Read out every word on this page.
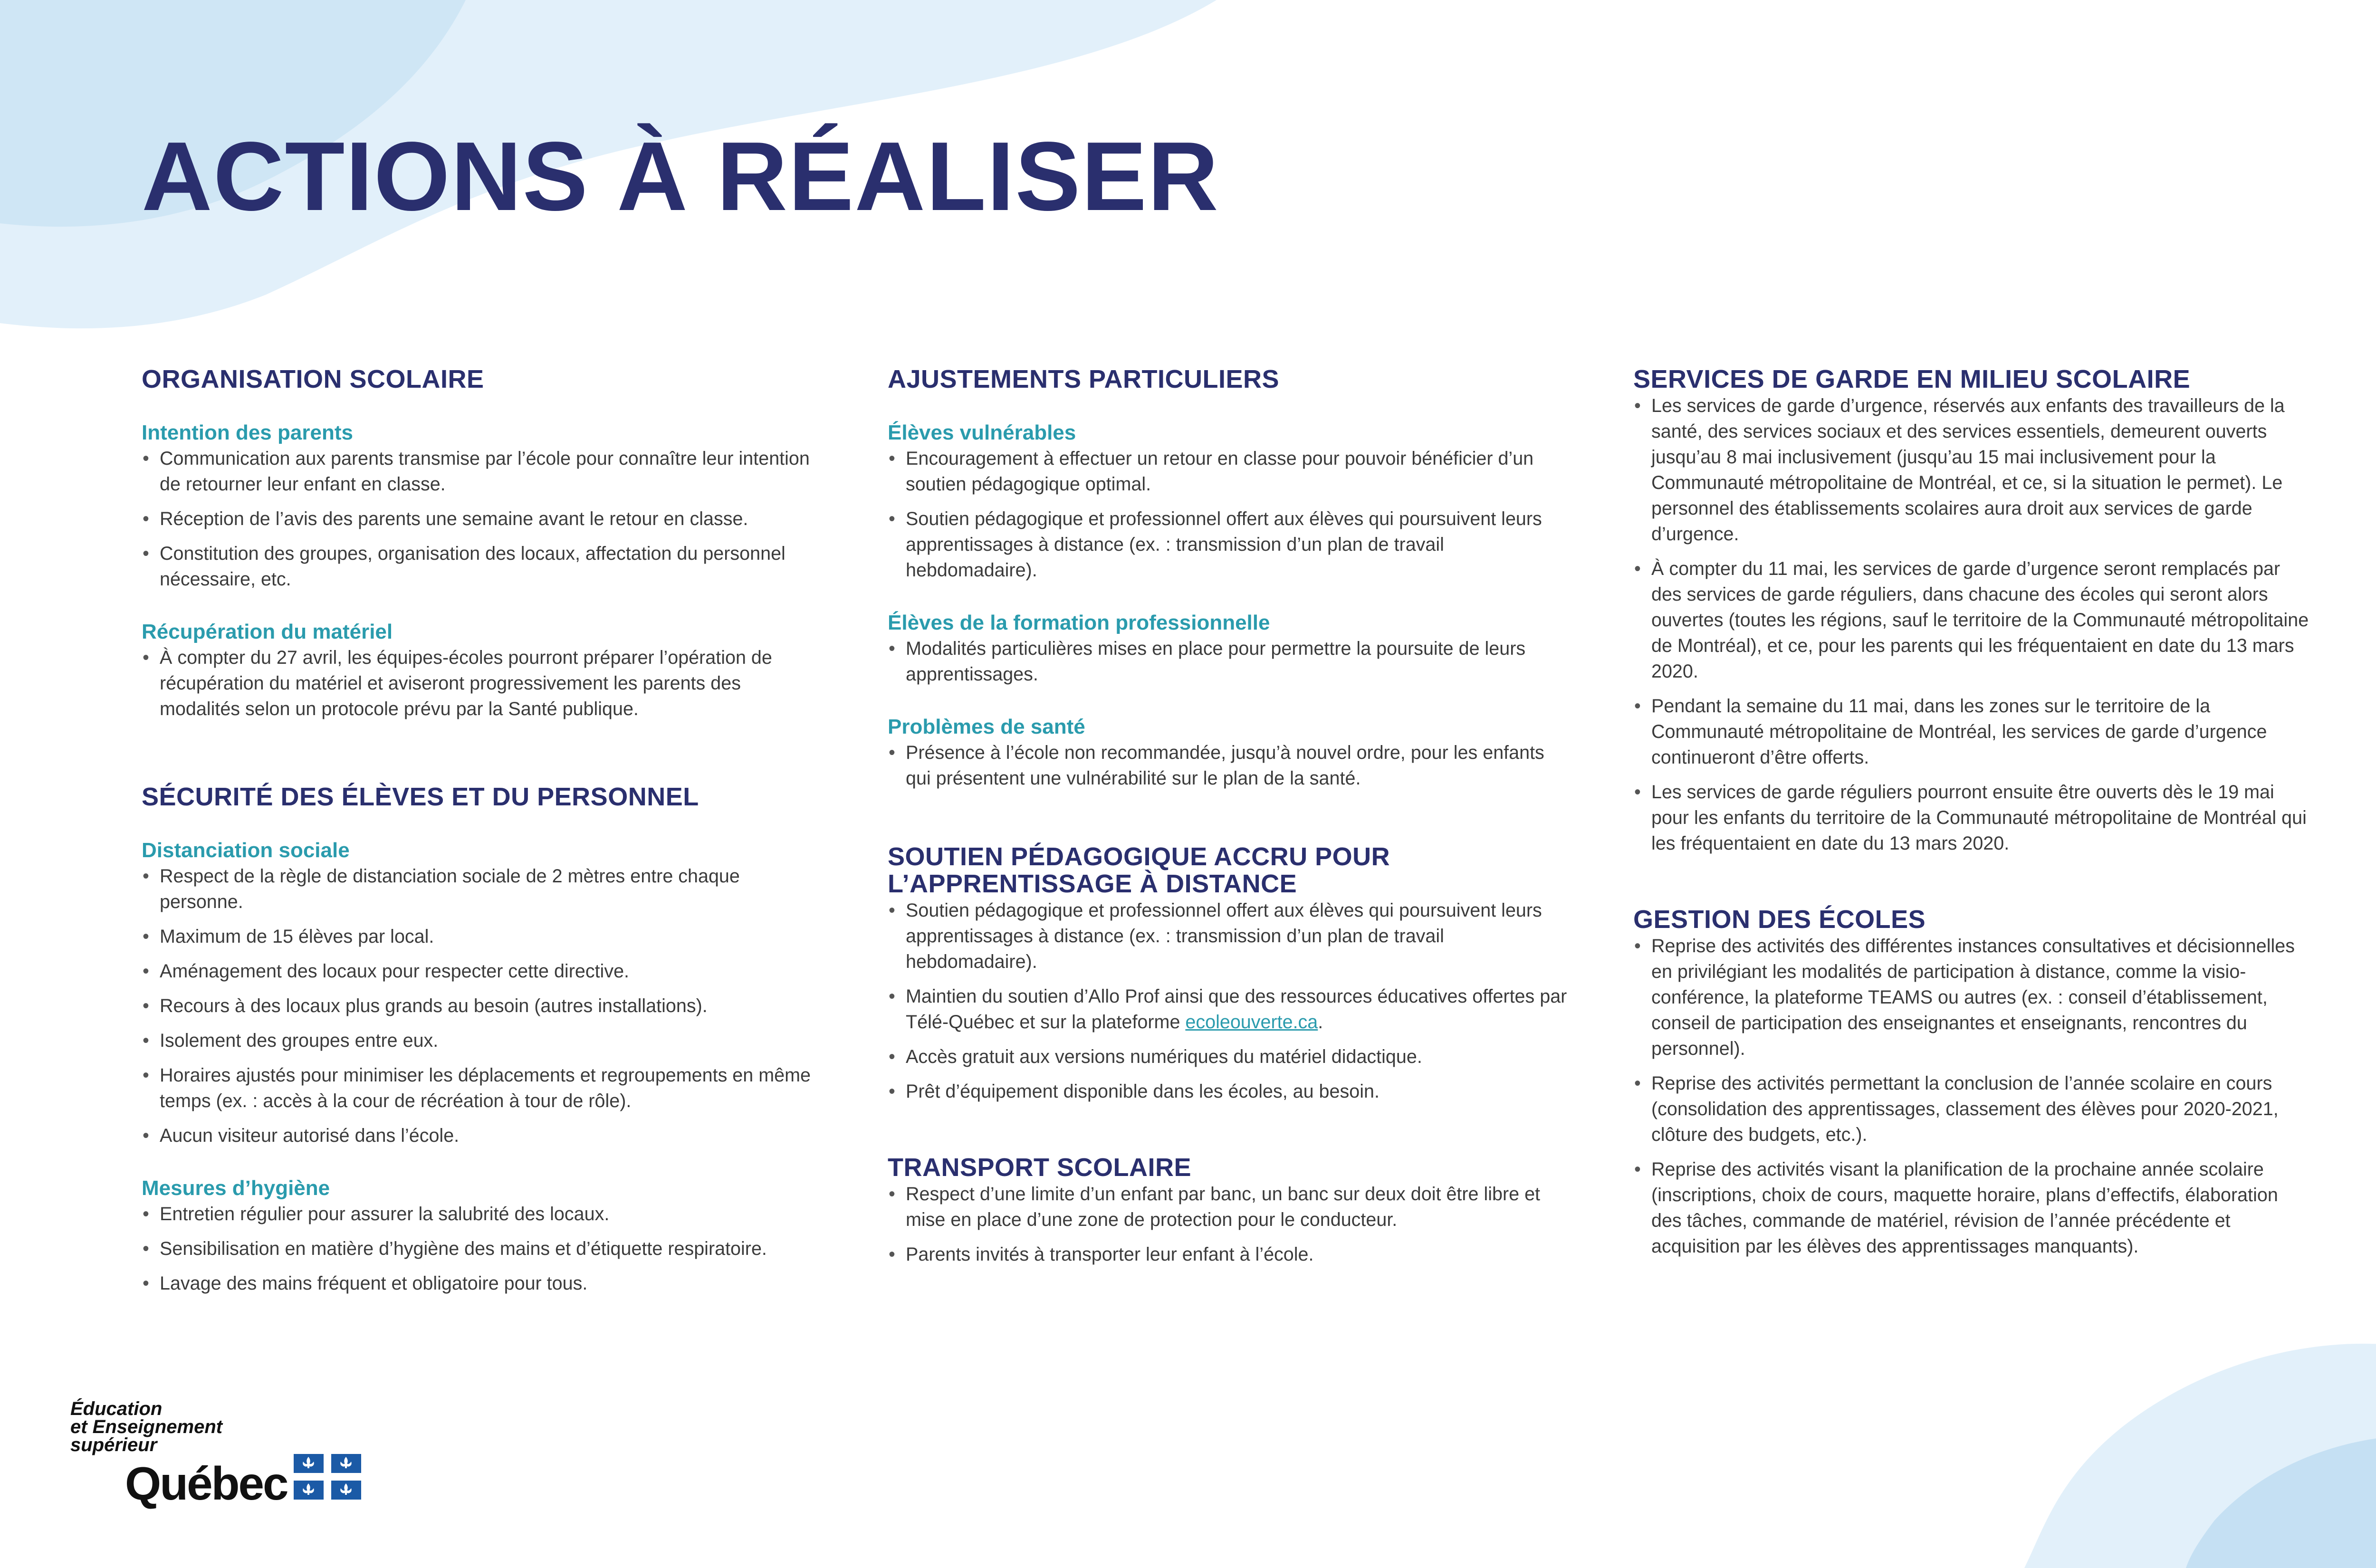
ACTIONS À RÉALISER
ORGANISATION SCOLAIRE
Intention des parents
• Communication aux parents transmise par l’école pour connaître leur intention de retourner leur enfant en classe.
• Réception de l’avis des parents une semaine avant le retour en classe.
• Constitution des groupes, organisation des locaux, affectation du personnel nécessaire, etc.
Récupération du matériel
• À compter du 27 avril, les équipes-écoles pourront préparer l’opération de récupération du matériel et aviseront progressivement les parents des modalités selon un protocole prévu par la Santé publique.
SÉCURITÉ DES ÉLÈVES ET DU PERSONNEL
Distanciation sociale
• Respect de la règle de distanciation sociale de 2 mètres entre chaque personne.
• Maximum de 15 élèves par local.
• Aménagement des locaux pour respecter cette directive.
• Recours à des locaux plus grands au besoin (autres installations).
• Isolement des groupes entre eux.
• Horaires ajustés pour minimiser les déplacements et regroupements en même temps (ex. : accès à la cour de récréation à tour de rôle).
• Aucun visiteur autorisé dans l’école.
Mesures d’hygiène
• Entretien régulier pour assurer la salubrité des locaux.
• Sensibilisation en matière d’hygiène des mains et d’étiquette respiratoire.
• Lavage des mains fréquent et obligatoire pour tous.
AJUSTEMENTS PARTICULIERS
Élèves vulnérables
• Encouragement à effectuer un retour en classe pour pouvoir bénéficier d’un soutien pédagogique optimal.
• Soutien pédagogique et professionnel offert aux élèves qui poursuivent leurs apprentissages à distance (ex. : transmission d’un plan de travail hebdomadaire).
Élèves de la formation professionnelle
• Modalités particulières mises en place pour permettre la poursuite de leurs apprentissages.
Problèmes de santé
• Présence à l’école non recommandée, jusqu’à nouvel ordre, pour les enfants qui présentent une vulnérabilité sur le plan de la santé.
SOUTIEN PÉDAGOGIQUE ACCRU POUR L’APPRENTISSAGE À DISTANCE
• Soutien pédagogique et professionnel offert aux élèves qui poursuivent leurs apprentissages à distance (ex. : transmission d’un plan de travail hebdomadaire).
• Maintien du soutien d’Allo Prof ainsi que des ressources éducatives offertes par Télé-Québec et sur la plateforme ecoleouverte.ca.
• Accès gratuit aux versions numériques du matériel didactique.
• Prêt d’équipement disponible dans les écoles, au besoin.
TRANSPORT SCOLAIRE
• Respect d’une limite d’un enfant par banc, un banc sur deux doit être libre et mise en place d’une zone de protection pour le conducteur.
• Parents invités à transporter leur enfant à l’école.
SERVICES DE GARDE EN MILIEU SCOLAIRE
• Les services de garde d’urgence, réservés aux enfants des travailleurs de la santé, des services sociaux et des services essentiels, demeurent ouverts jusqu’au 8 mai inclusivement (jusqu’au 15 mai inclusivement pour la Communauté métropolitaine de Montréal, et ce, si la situation le permet). Le personnel des établissements scolaires aura droit aux services de garde d’urgence.
• À compter du 11 mai, les services de garde d’urgence seront remplacés par des services de garde réguliers, dans chacune des écoles qui seront alors ouvertes (toutes les régions, sauf le territoire de la Communauté métropolitaine de Montréal), et ce, pour les parents qui les fréquentaient en date du 13 mars 2020.
• Pendant la semaine du 11 mai, dans les zones sur le territoire de la Communauté métropolitaine de Montréal, les services de garde d’urgence continueront d’être offerts.
• Les services de garde réguliers pourront ensuite être ouverts dès le 19 mai pour les enfants du territoire de la Communauté métropolitaine de Montréal qui les fréquentaient en date du 13 mars 2020.
GESTION DES ÉCOLES
• Reprise des activités des différentes instances consultatives et décisionnelles en privilégiant les modalités de participation à distance, comme la visio-conférence, la plateforme TEAMS ou autres (ex. : conseil d’établissement, conseil de participation des enseignantes et enseignants, rencontres du personnel).
• Reprise des activités permettant la conclusion de l’année scolaire en cours (consolidation des apprentissages, classement des élèves pour 2020-2021, clôture des budgets, etc.).
• Reprise des activités visant la planification de la prochaine année scolaire (inscriptions, choix de cours, maquette horaire, plans d’effectifs, élaboration des tâches, commande de matériel, révision de l’année précédente et acquisition par les élèves des apprentissages manquants).

Éducation

et Enseignement

supérieur

Québec
